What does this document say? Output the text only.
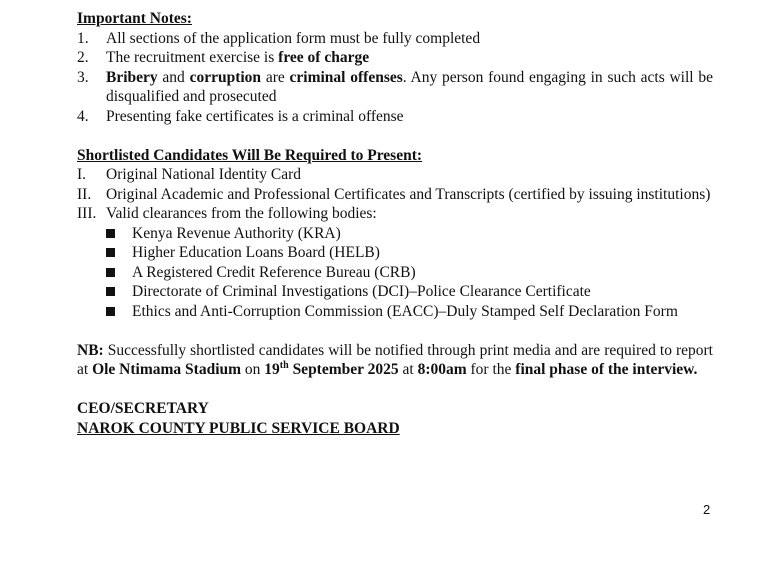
Important Notes:
1. All sections of the application form must be fully completed
2. The recruitment exercise is free of charge
3. Bribery and corruption are criminal offenses. Any person found engaging in such acts will be disqualified and prosecuted
4. Presenting fake certificates is a criminal offense
Shortlisted Candidates Will Be Required to Present:
I. Original National Identity Card
II. Original Academic and Professional Certificates and Transcripts (certified by issuing institutions)
III. Valid clearances from the following bodies:
Kenya Revenue Authority (KRA)
Higher Education Loans Board (HELB)
A Registered Credit Reference Bureau (CRB)
Directorate of Criminal Investigations (DCI)–Police Clearance Certificate
Ethics and Anti-Corruption Commission (EACC)–Duly Stamped Self Declaration Form
NB: Successfully shortlisted candidates will be notified through print media and are required to report at Ole Ntimama Stadium on 19th September 2025 at 8:00am for the final phase of the interview.
CEO/SECRETARY
NAROK COUNTY PUBLIC SERVICE BOARD
2
